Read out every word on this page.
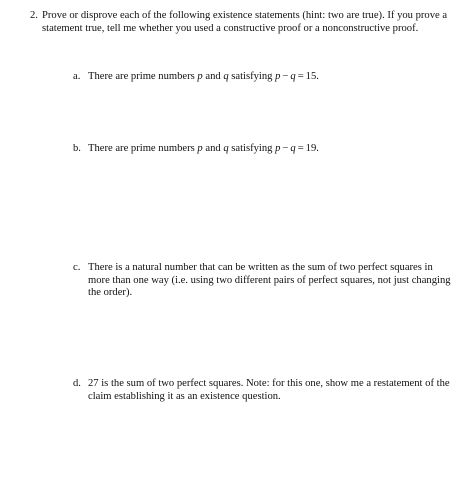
2. Prove or disprove each of the following existence statements (hint: two are true). If you prove a statement true, tell me whether you used a constructive proof or a nonconstructive proof.
a. There are prime numbers p and q satisfying p − q = 15.
b. There are prime numbers p and q satisfying p − q = 19.
c. There is a natural number that can be written as the sum of two perfect squares in more than one way (i.e. using two different pairs of perfect squares, not just changing the order).
d. 27 is the sum of two perfect squares. Note: for this one, show me a restatement of the claim establishing it as an existence question.
